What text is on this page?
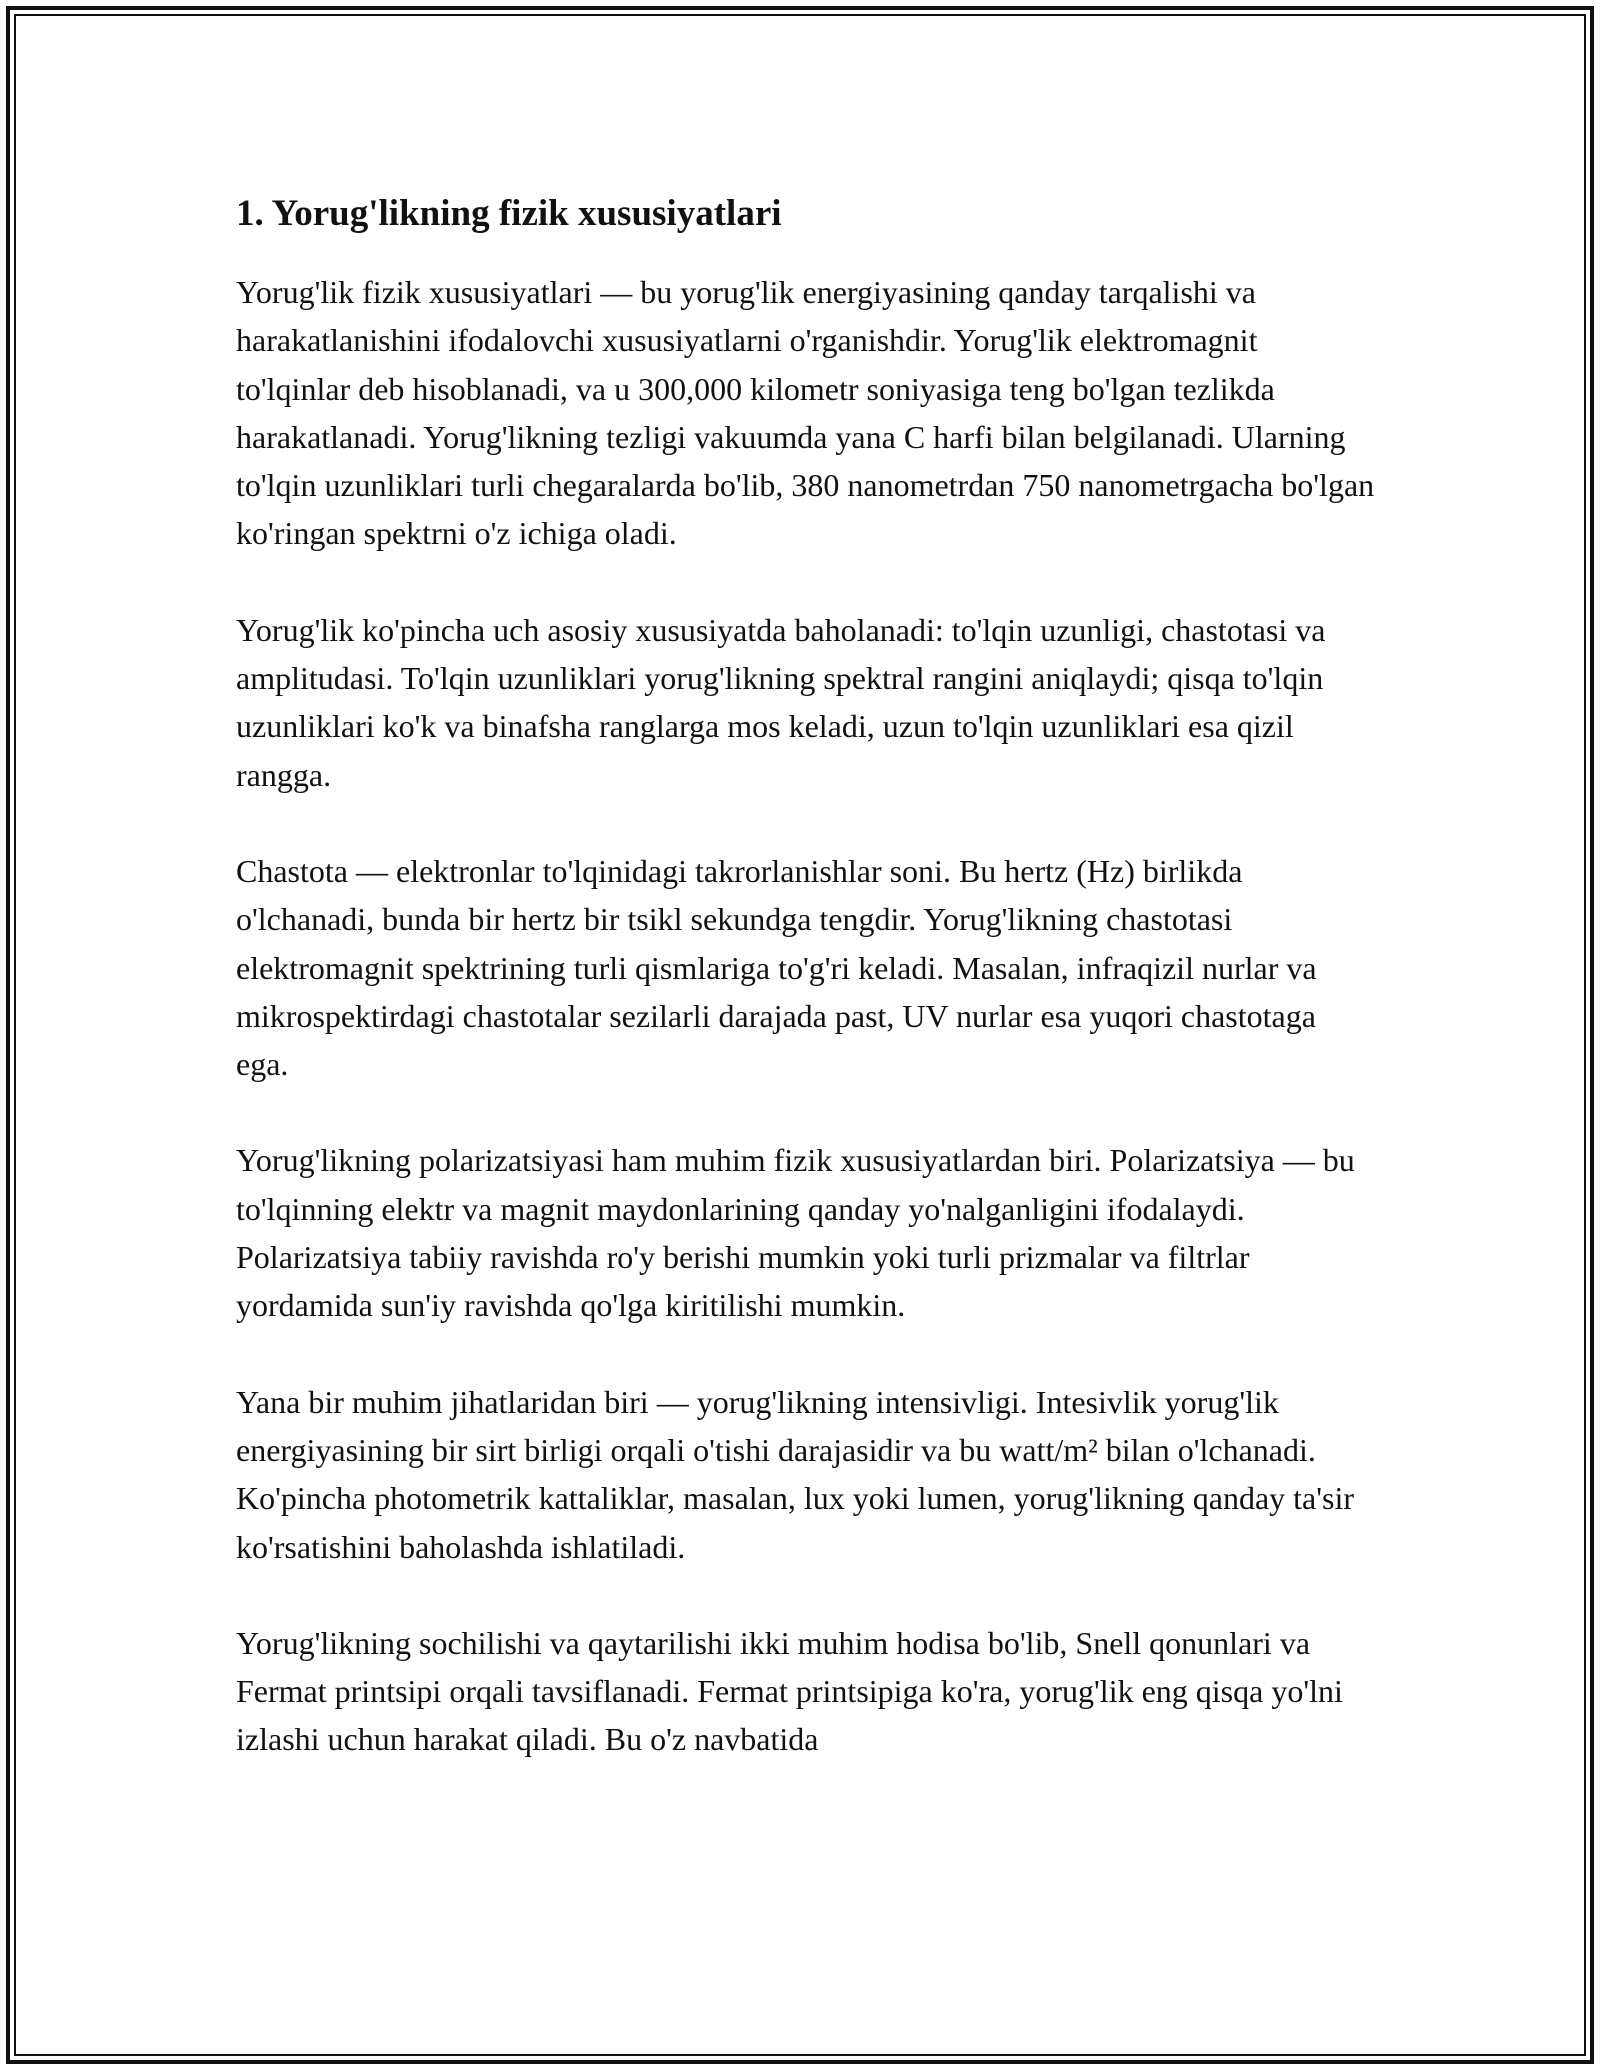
1. Yorug'likning fizik xususiyatlari

Yorug'lik fizik xususiyatlari — bu yorug'lik energiyasining qanday tarqalishi va harakatlanishini ifodalovchi xususiyatlarni o'rganishdir. Yorug'lik elektromagnit to'lqinlar deb hisoblanadi, va u 300,000 kilometr soniyasiga teng bo'lgan tezlikda harakatlanadi. Yorug'likning tezligi vakuumda yana C harfi bilan belgilanadi. Ularning to'lqin uzunliklari turli chegaralarda bo'lib, 380 nanometrdan 750 nanometrgacha bo'lgan ko'ringan spektrni o'z ichiga oladi.

Yorug'lik ko'pincha uch asosiy xususiyatda baholanadi: to'lqin uzunligi, chastotasi va amplitudasi. To'lqin uzunliklari yorug'likning spektral rangini aniqlaydi; qisqa to'lqin uzunliklari ko'k va binafsha ranglarga mos keladi, uzun to'lqin uzunliklari esa qizil rangga.

Chastota — elektronlar to'lqinidagi takrorlanishlar soni. Bu hertz (Hz) birlikda o'lchanadi, bunda bir hertz bir tsikl sekundga tengdir. Yorug'likning chastotasi elektromagnit spektrining turli qismlariga to'g'ri keladi. Masalan, infraqizil nurlar va mikrospektirdagi chastotalar sezilarli darajada past, UV nurlar esa yuqori chastotaga ega.

Yorug'likning polarizatsiyasi ham muhim fizik xususiyatlardan biri. Polarizatsiya — bu to'lqinning elektr va magnit maydonlarining qanday yo'nalganligini ifodalaydi. Polarizatsiya tabiiy ravishda ro'y berishi mumkin yoki turli prizmalar va filtrlar yordamida sun'iy ravishda qo'lga kiritilishi mumkin.

Yana bir muhim jihatlaridan biri — yorug'likning intensivligi. Intesivlik yorug'lik energiyasining bir sirt birligi orqali o'tishi darajasidir va bu watt/m² bilan o'lchanadi. Ko'pincha photometrik kattaliklar, masalan, lux yoki lumen, yorug'likning qanday ta'sir ko'rsatishini baholashda ishlatiladi.

Yorug'likning sochilishi va qaytarilishi ikki muhim hodisa bo'lib, Snell qonunlari va Fermat printsipi orqali tavsiflanadi. Fermat printsipiga ko'ra, yorug'lik eng qisqa yo'lni izlashi uchun harakat qiladi. Bu o'z navbatida
